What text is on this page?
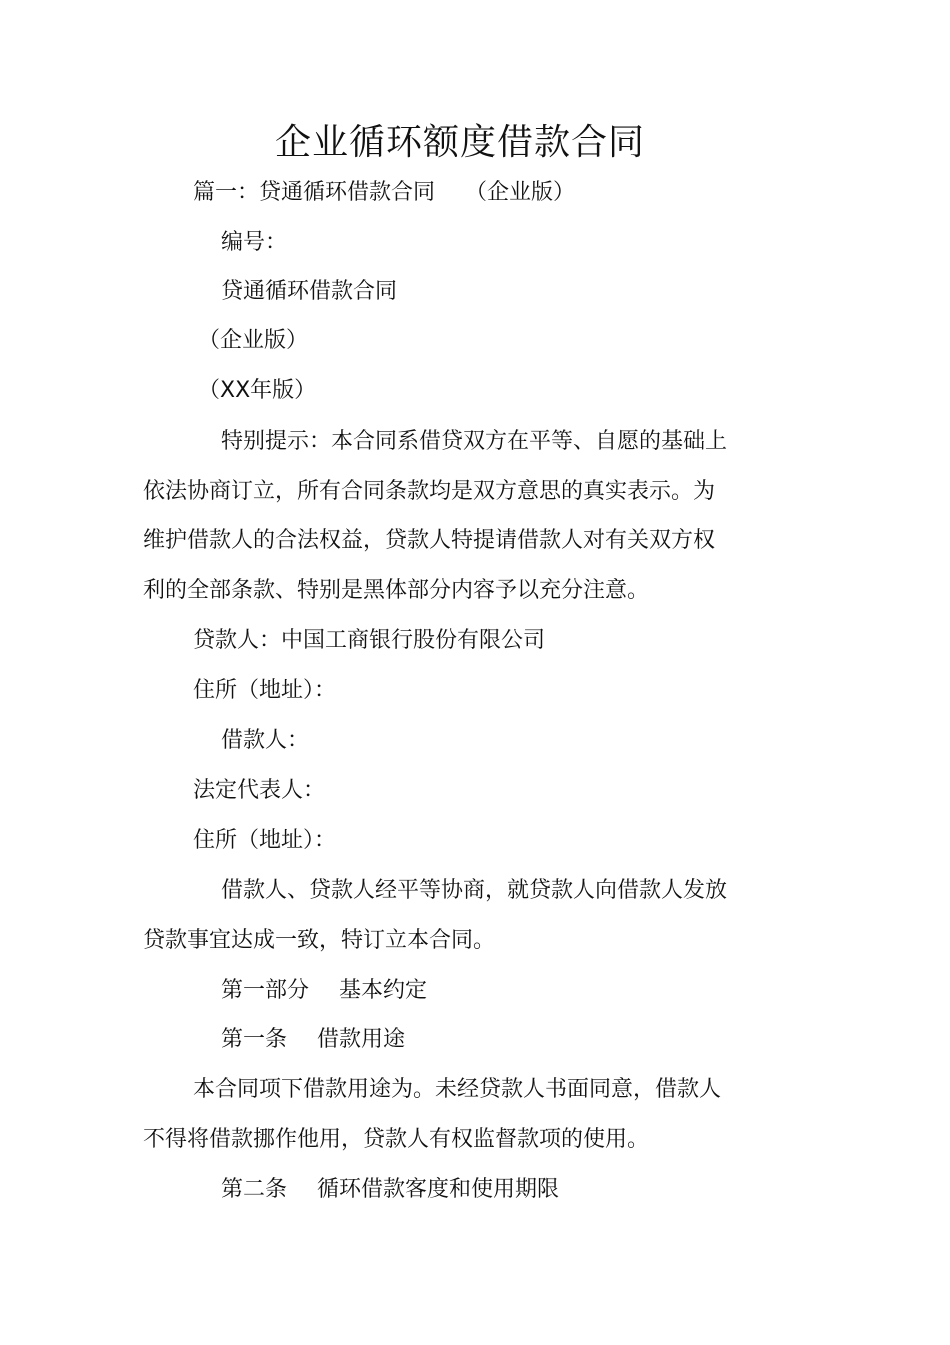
企业循环额度借款合同

篇一：贷通循环借款合同 （企业版）

编号：

贷通循环借款合同

（企业版）

（XX年版）

特别提示：本合同系借贷双方在平等、自愿的基础上

依法协商订立，所有合同条款均是双方意思的真实表示。为

维护借款人的合法权益，贷款人特提请借款人对有关双方权

利的全部条款、特别是黑体部分内容予以充分注意。

贷款人：中国工商银行股份有限公司

住所（地址）：

借款人：

法定代表人：

住所（地址）：

借款人、贷款人经平等协商，就贷款人向借款人发放

贷款事宜达成一致，特订立本合同。

第一部分 基本约定

第一条 借款用途

本合同项下借款用途为。未经贷款人书面同意，借款人

不得将借款挪作他用，贷款人有权监督款项的使用。

第二条 循环借款客度和使用期限
